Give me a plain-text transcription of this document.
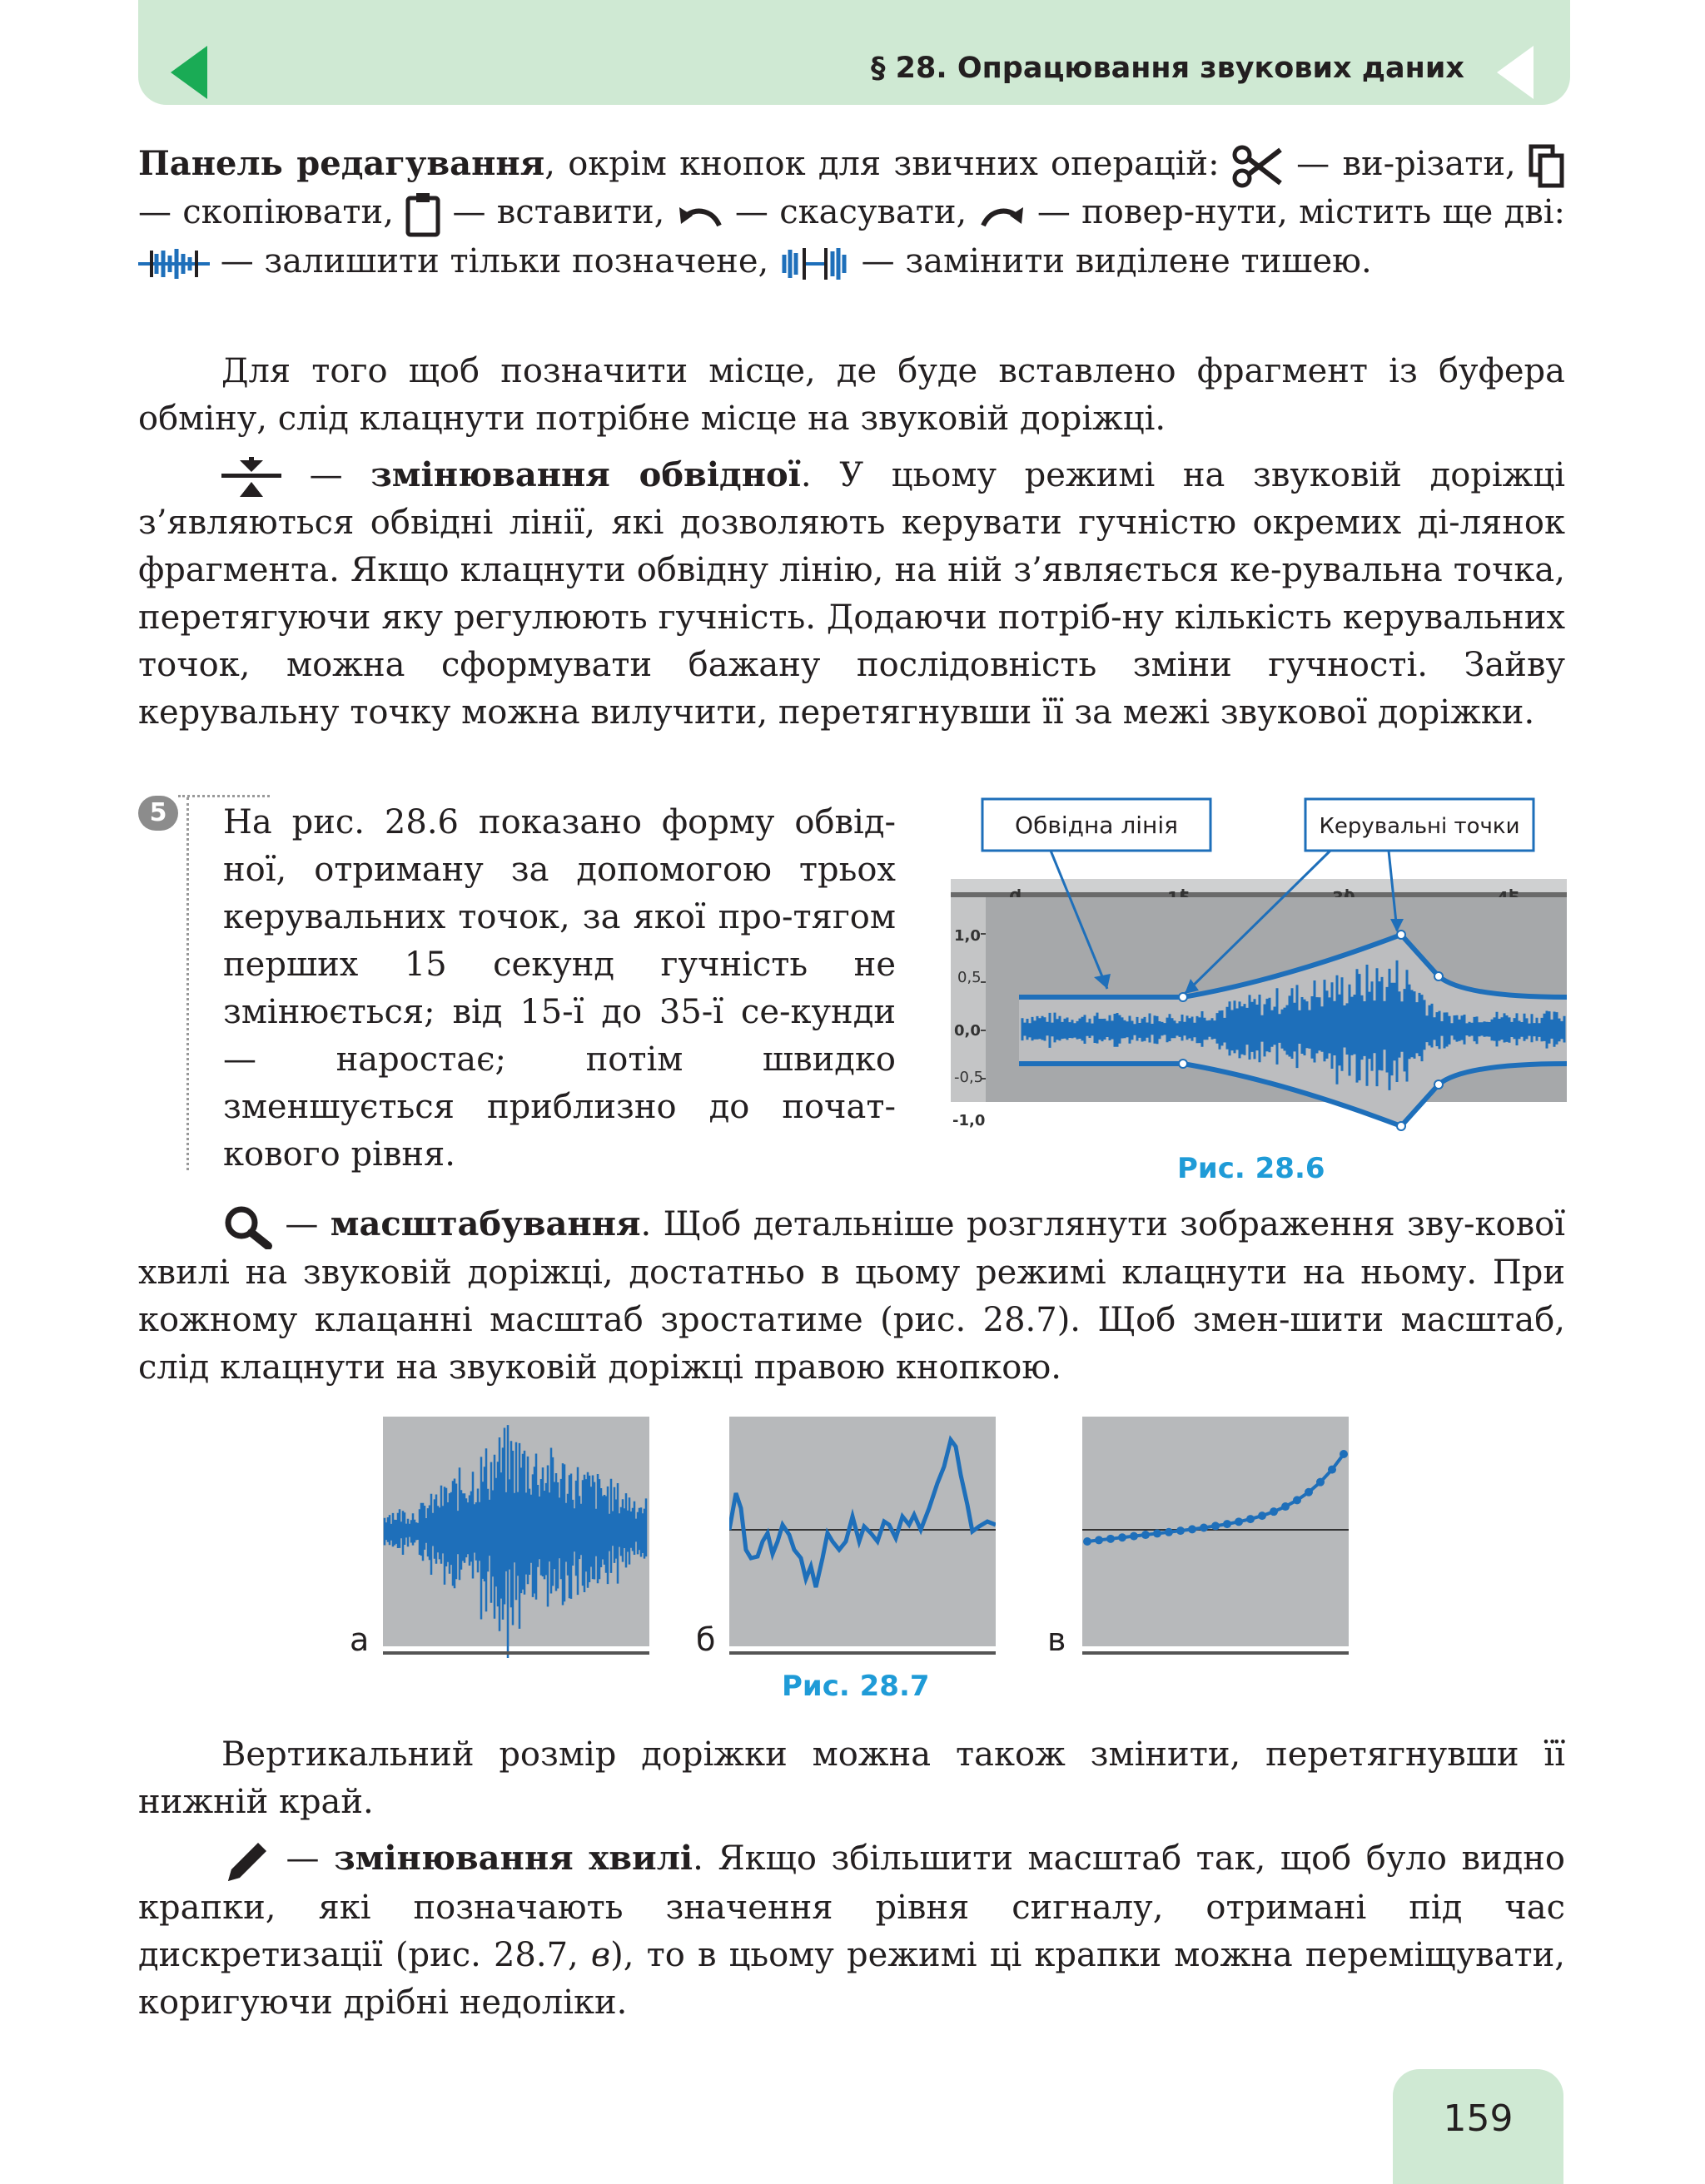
§ 28. Опрацювання звукових даних

Панель редагування, окрім кнопок для звичних операцій:  — ви-різати,  — скопіювати,  — вставити,  — скасувати,  — повер-нути, містить ще дві:  — залишити тільки позначене,  — замінити виділене тишею.

Для того щоб позначити місце, де буде вставлено фрагмент із буфера обміну, слід клацнути потрібне місце на звуковій доріжці.

— змінювання обвідної. У цьому режимі на звуковій доріжці з’являються обвідні лінії, які дозволяють керувати гучністю окремих ді-лянок фрагмента. Якщо клацнути обвідну лінію, на ній з’являється ке-рувальна точка, перетягуючи яку регулюють гучність. Додаючи потріб-ну кількість керувальних точок, можна сформувати бажану послідовність зміни гучності. Зайву керувальну точку можна вилучити, перетягнувши її за межі звукової доріжки.

5	На рис. 28.6 показано форму обвід-ної, отриману за допомогою трьох керувальних точок, за якої про-тягом перших 15 секунд гучність не змінюється; від 15-ї до 35-ї се-кунди — наростає; потім швидко зменшується приблизно до почат-кового рівня.

1,0
0,5
0,0
-0,5
-1,0
Обвідна лінія	Керувальні точки
Рис. 28.6

— масштабування. Щоб детальніше розглянути зображення зву-кової хвилі на звуковій доріжці, достатньо в цьому режимі клацнути на ньому. При кожному клацанні масштаб зростатиме (рис. 28.7). Щоб змен-шити масштаб, слід клацнути на звуковій доріжці правою кнопкою.

а	б	в
Рис. 28.7

Вертикальний розмір доріжки можна також змінити, перетягнувши її нижній край.

— змінювання хвилі. Якщо збільшити масштаб так, щоб було видно крапки, які позначають значення рівня сигналу, отримані під час дискретизації (рис. 28.7, в), то в цьому режимі ці крапки можна переміщувати, коригуючи дрібні недоліки.

159
